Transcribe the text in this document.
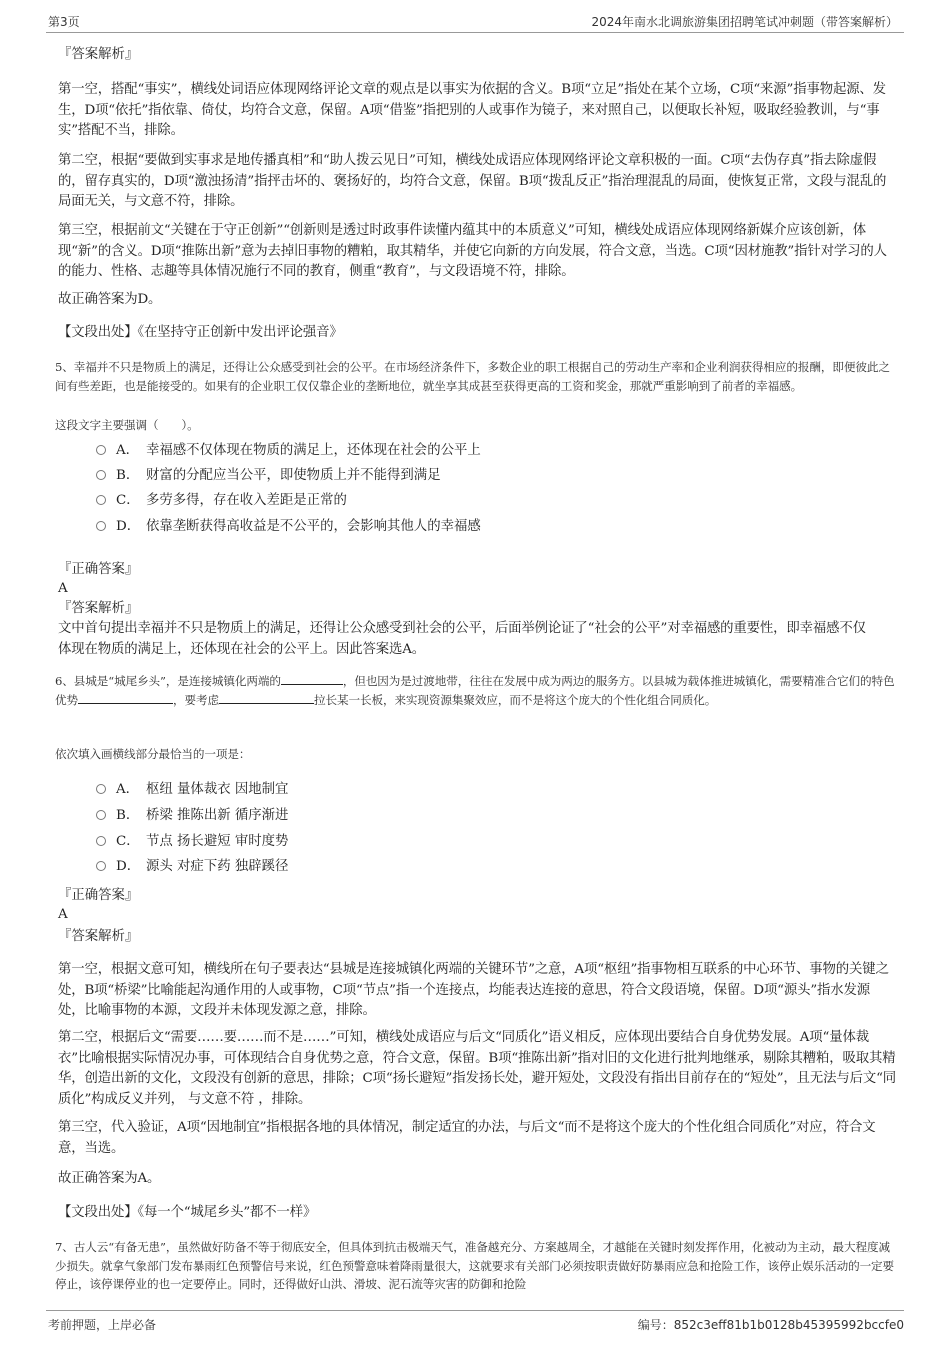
第3页	2024年南水北调旅游集团招聘笔试冲刺题（带答案解析）
『答案解析』
第一空，搭配“事实”，横线处词语应体现网络评论文章的观点是以事实为依据的含义。B项“立足”指处在某个立场，C项“来源”指事物起源、发生，D项“依托”指依靠、倚仗，均符合文意，保留。A项“借鉴”指把别的人或事作为镜子，来对照自己，以便取长补短，吸取经验教训，与“事实”搭配不当，排除。
第二空，根据“要做到实事求是地传播真相”和“助人拨云见日”可知，横线处成语应体现网络评论文章积极的一面。C项“去伪存真”指去除虚假的，留存真实的，D项“激浊扬清”指抨击坏的、褒扬好的，均符合文意，保留。B项“拨乱反正”指治理混乱的局面，使恢复正常，文段与混乱的局面无关，与文意不符，排除。
第三空，根据前文“关键在于守正创新”“创新则是透过时政事件读懂内蕴其中的本质意义”可知，横线处成语应体现网络新媒介应该创新，体现“新”的含义。D项“推陈出新”意为去掉旧事物的糟粕，取其精华，并使它向新的方向发展，符合文意，当选。C项“因材施教”指针对学习的人的能力、性格、志趣等具体情况施行不同的教育，侧重“教育”，与文段语境不符，排除。
故正确答案为D。
【文段出处】《在坚持守正创新中发出评论强音》
5、幸福并不只是物质上的满足，还得让公众感受到社会的公平。在市场经济条件下，多数企业的职工根据自己的劳动生产率和企业利润获得相应的报酬，即便彼此之间有些差距，也是能接受的。如果有的企业职工仅仅靠企业的垄断地位，就坐享其成甚至获得更高的工资和奖金，那就严重影响到了前者的幸福感。
这段文字主要强调（　　）。
A． 幸福感不仅体现在物质的满足上，还体现在社会的公平上
B． 财富的分配应当公平，即使物质上并不能得到满足
C． 多劳多得，存在收入差距是正常的
D． 依靠垄断获得高收益是不公平的，会影响其他人的幸福感
『正确答案』
A
『答案解析』
文中首句提出幸福并不只是物质上的满足，还得让公众感受到社会的公平，后面举例论证了“社会的公平”对幸福感的重要性，即幸福感不仅体现在物质的满足上，还体现在社会的公平上。因此答案选A。
6、县城是“城尾乡头”，是连接城镇化两端的	，但也因为是过渡地带，往往在发展中成为两边的服务方。以县城为载体推进城镇化，需要精准合它们的特色优势	，要考虑	拉长某一长板，来实现资源集聚效应，而不是将这个庞大的个性化组合同质化。
依次填入画横线部分最恰当的一项是：
A． 枢纽 量体裁衣 因地制宜
B． 桥梁 推陈出新 循序渐进
C． 节点 扬长避短 审时度势
D． 源头 对症下药 独辟蹊径
『正确答案』
A
『答案解析』
第一空，根据文意可知，横线所在句子要表达“县城是连接城镇化两端的关键环节”之意，A项“枢纽”指事物相互联系的中心环节、事物的关键之处，B项“桥梁”比喻能起沟通作用的人或事物，C项“节点”指一个连接点，均能表达连接的意思，符合文段语境，保留。D项“源头”指水发源处，比喻事物的本源，文段并未体现发源之意，排除。
第二空，根据后文“需要……要……而不是……”可知，横线处成语应与后文“同质化”语义相反，应体现出要结合自身优势发展。A项“量体裁衣”比喻根据实际情况办事，可体现结合自身优势之意，符合文意，保留。B项“推陈出新”指对旧的文化进行批判地继承，剔除其糟粕，吸取其精华，创造出新的文化，文段没有创新的意思，排除；C项“扬长避短”指发扬长处，避开短处，文段没有指出目前存在的“短处”，且无法与后文“同质化”构成反义并列， 与文意不符 ，排除。
第三空，代入验证，A项“因地制宜”指根据各地的具体情况，制定适宜的办法，与后文“而不是将这个庞大的个性化组合同质化”对应，符合文意，当选。
故正确答案为A。
【文段出处】《每一个“城尾乡头”都不一样》
7、古人云“有备无患”，虽然做好防备不等于彻底安全，但具体到抗击极端天气，准备越充分、方案越周全，才越能在关键时刻发挥作用，化被动为主动，最大程度减少损失。就拿气象部门发布暴雨红色预警信号来说，红色预警意味着降雨量很大，这就要求有关部门必须按职责做好防暴雨应急和抢险工作，该停止娱乐活动的一定要停止，该停课停业的也一定要停止。同时，还得做好山洪、滑坡、泥石流等灾害的防御和抢险
考前押题，上岸必备	编号：852c3eff81b1b0128b45395992bccfe0
